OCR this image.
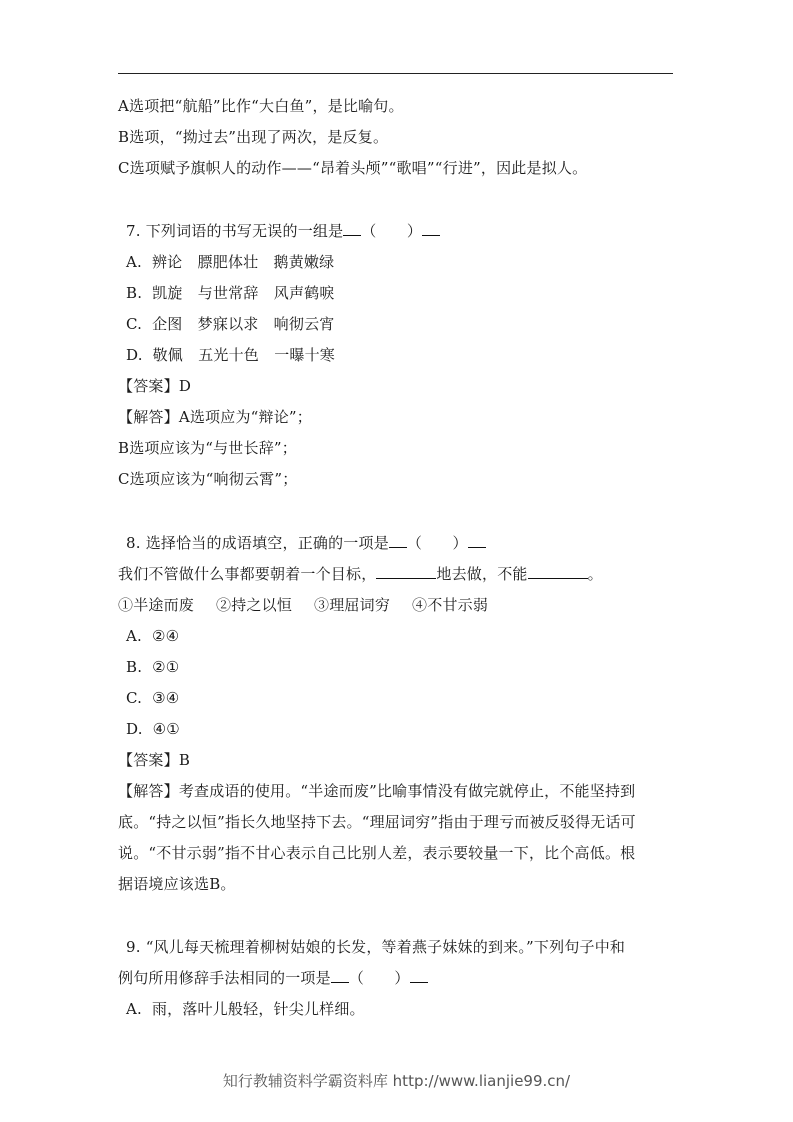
A选项把“航船”比作“大白鱼”，是比喻句。
B选项，“拗过去”出现了两次，是反复。
C选项赋予旗帜人的动作——“昂着头颅”“歌唱”“行进”，因此是拟人。
7. 下列词语的书写无误的一组是 （　　）
A. 辨论　膘肥体壮　鹅黄嫩绿
B. 凯旋　与世常辞　风声鹤唳
C. 企图　梦寐以求　响彻云宵
D. 敬佩　五光十色　一曝十寒
【答案】D
【解答】A选项应为“辩论”；
B选项应该为“与世长辞”；
C选项应该为“响彻云霄”；
8. 选择恰当的成语填空，正确的一项是 （　　）
我们不管做什么事都要朝着一个目标，	地去做，不能	。
①半途而废 ②持之以恒 ③理屈词穷 ④不甘示弱
A. ②④
B. ②①
C. ③④
D. ④①
【答案】B
【解答】考查成语的使用。“半途而废”比喻事情没有做完就停止，不能坚持到
底。“持之以恒”指长久地坚持下去。“理屈词穷”指由于理亏而被反驳得无话可
说。“不甘示弱”指不甘心表示自己比别人差，表示要较量一下，比个高低。根
据语境应该选B。
9. “风儿每天梳理着柳树姑娘的长发，等着燕子妹妹的到来。”下列句子中和
例句所用修辞手法相同的一项是 （　　）
A. 雨，落叶儿般轻，针尖儿样细。
知行教辅资料学霸资料库 http://www.lianjie99.cn/
